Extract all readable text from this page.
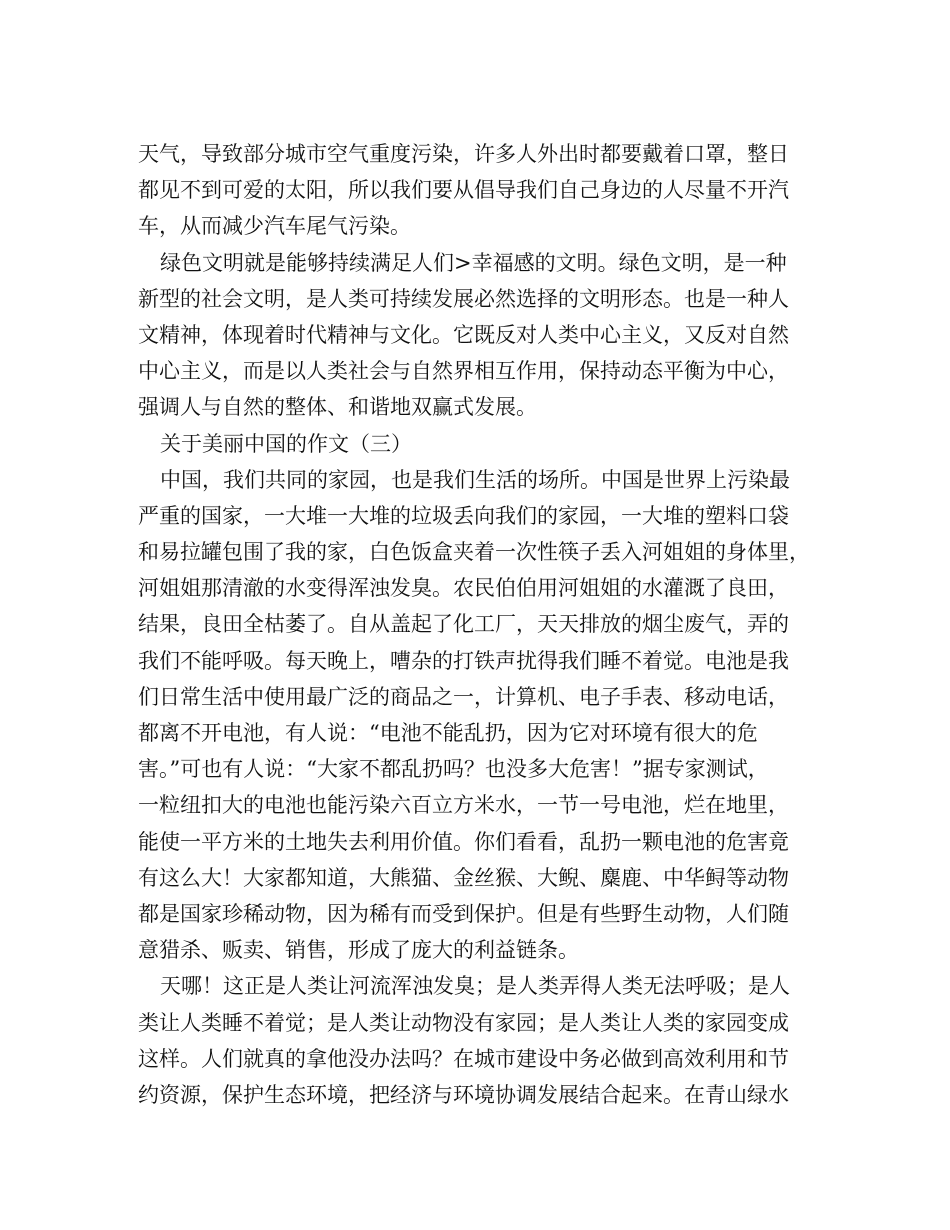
天气，导致部分城市空气重度污染，许多人外出时都要戴着口罩，整日
都见不到可爱的太阳，所以我们要从倡导我们自己身边的人尽量不开汽
车，从而减少汽车尾气污染。
绿色文明就是能够持续满足人们>幸福感的文明。绿色文明，是一种
新型的社会文明，是人类可持续发展必然选择的文明形态。也是一种人
文精神，体现着时代精神与文化。它既反对人类中心主义，又反对自然
中心主义，而是以人类社会与自然界相互作用，保持动态平衡为中心，
强调人与自然的整体、和谐地双赢式发展。
关于美丽中国的作文（三）
中国，我们共同的家园，也是我们生活的场所。中国是世界上污染最
严重的国家，一大堆一大堆的垃圾丢向我们的家园，一大堆的塑料口袋
和易拉罐包围了我的家，白色饭盒夹着一次性筷子丢入河姐姐的身体里，
河姐姐那清澈的水变得浑浊发臭。农民伯伯用河姐姐的水灌溉了良田，
结果，良田全枯萎了。自从盖起了化工厂，天天排放的烟尘废气，弄的
我们不能呼吸。每天晚上，嘈杂的打铁声扰得我们睡不着觉。电池是我
们日常生活中使用最广泛的商品之一，计算机、电子手表、移动电话，
都离不开电池，有人说：“电池不能乱扔，因为它对环境有很大的危
害。”可也有人说：“大家不都乱扔吗？也没多大危害！”据专家测试，
一粒纽扣大的电池也能污染六百立方米水，一节一号电池，烂在地里，
能使一平方米的土地失去利用价值。你们看看，乱扔一颗电池的危害竟
有这么大！大家都知道，大熊猫、金丝猴、大鲵、麋鹿、中华鲟等动物
都是国家珍稀动物，因为稀有而受到保护。但是有些野生动物，人们随
意猎杀、贩卖、销售，形成了庞大的利益链条。
天哪！这正是人类让河流浑浊发臭；是人类弄得人类无法呼吸；是人
类让人类睡不着觉；是人类让动物没有家园；是人类让人类的家园变成
这样。人们就真的拿他没办法吗？在城市建设中务必做到高效利用和节
约资源，保护生态环境，把经济与环境协调发展结合起来。在青山绿水
